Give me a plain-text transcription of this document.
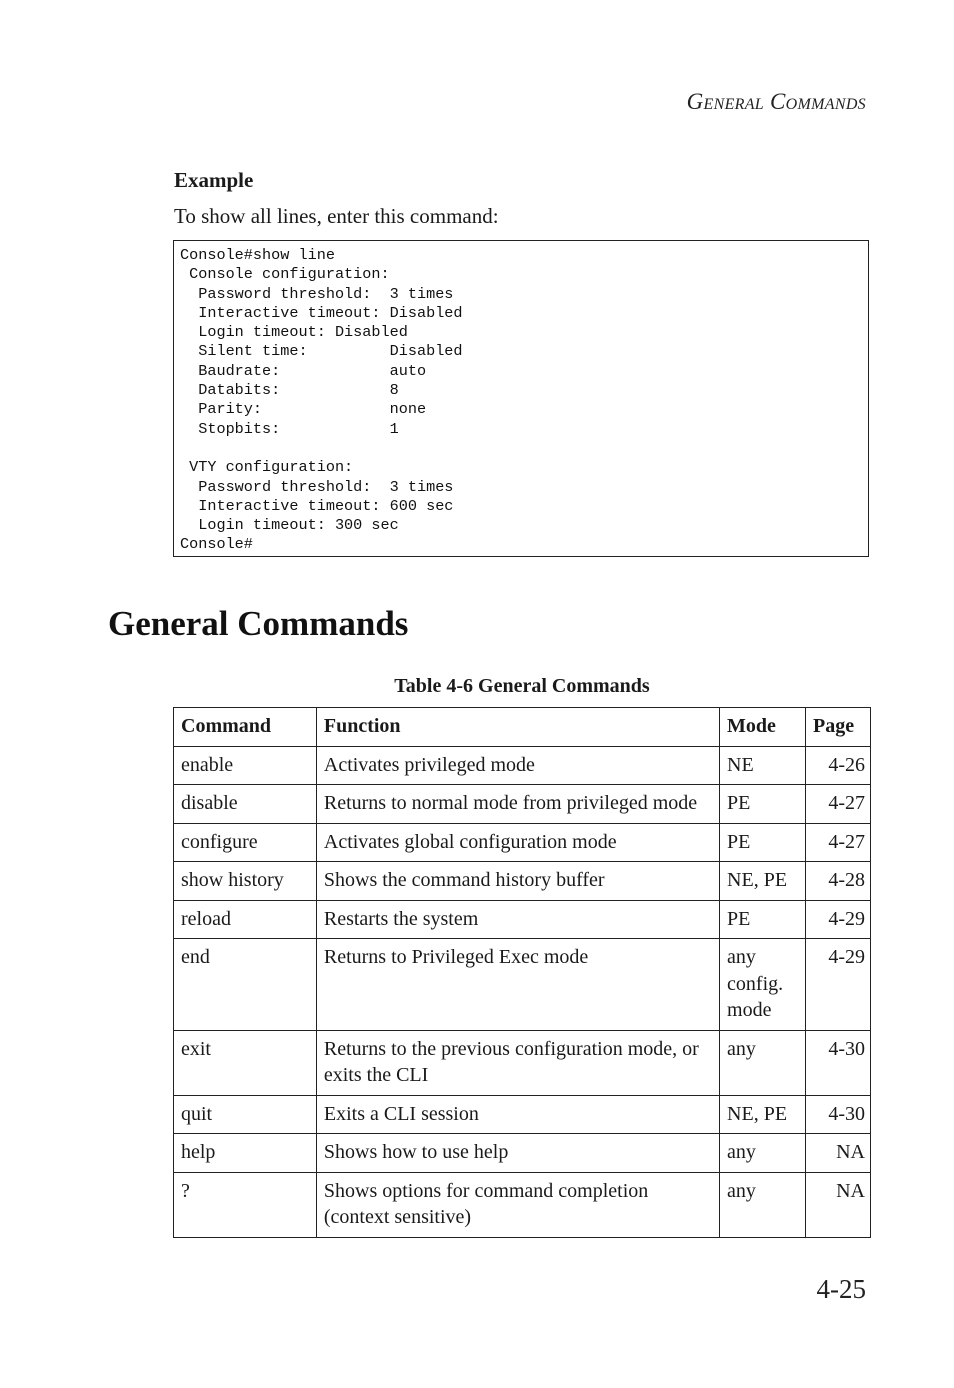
General Commands
Example

To show all lines, enter this command:

Console#show line
Console configuration:
Password threshold:  3 times
Interactive timeout: Disabled
Login timeout: Disabled
Silent time:         Disabled
Baudrate:            auto
Databits:            8
Parity:              none
Stopbits:            1

VTY configuration:
Password threshold:  3 times
Interactive timeout: 600 sec
Login timeout: 300 sec
Console#
General Commands

Table 4-6 General Commands

Command	Function	Mode	Page
enable	Activates privileged mode	NE	4-26
disable	Returns to normal mode from privileged mode	PE	4-27
configure	Activates global configuration mode	PE	4-27
show history	Shows the command history buffer	NE, PE	4-28
reload	Restarts the system	PE	4-29
end	Returns to Privileged Exec mode	any config. mode	4-29
exit	Returns to the previous configuration mode, or exits the CLI	any	4-30
quit	Exits a CLI session	NE, PE	4-30
help	Shows how to use help	any	NA
?	Shows options for command completion (context sensitive)	any	NA
4-25
